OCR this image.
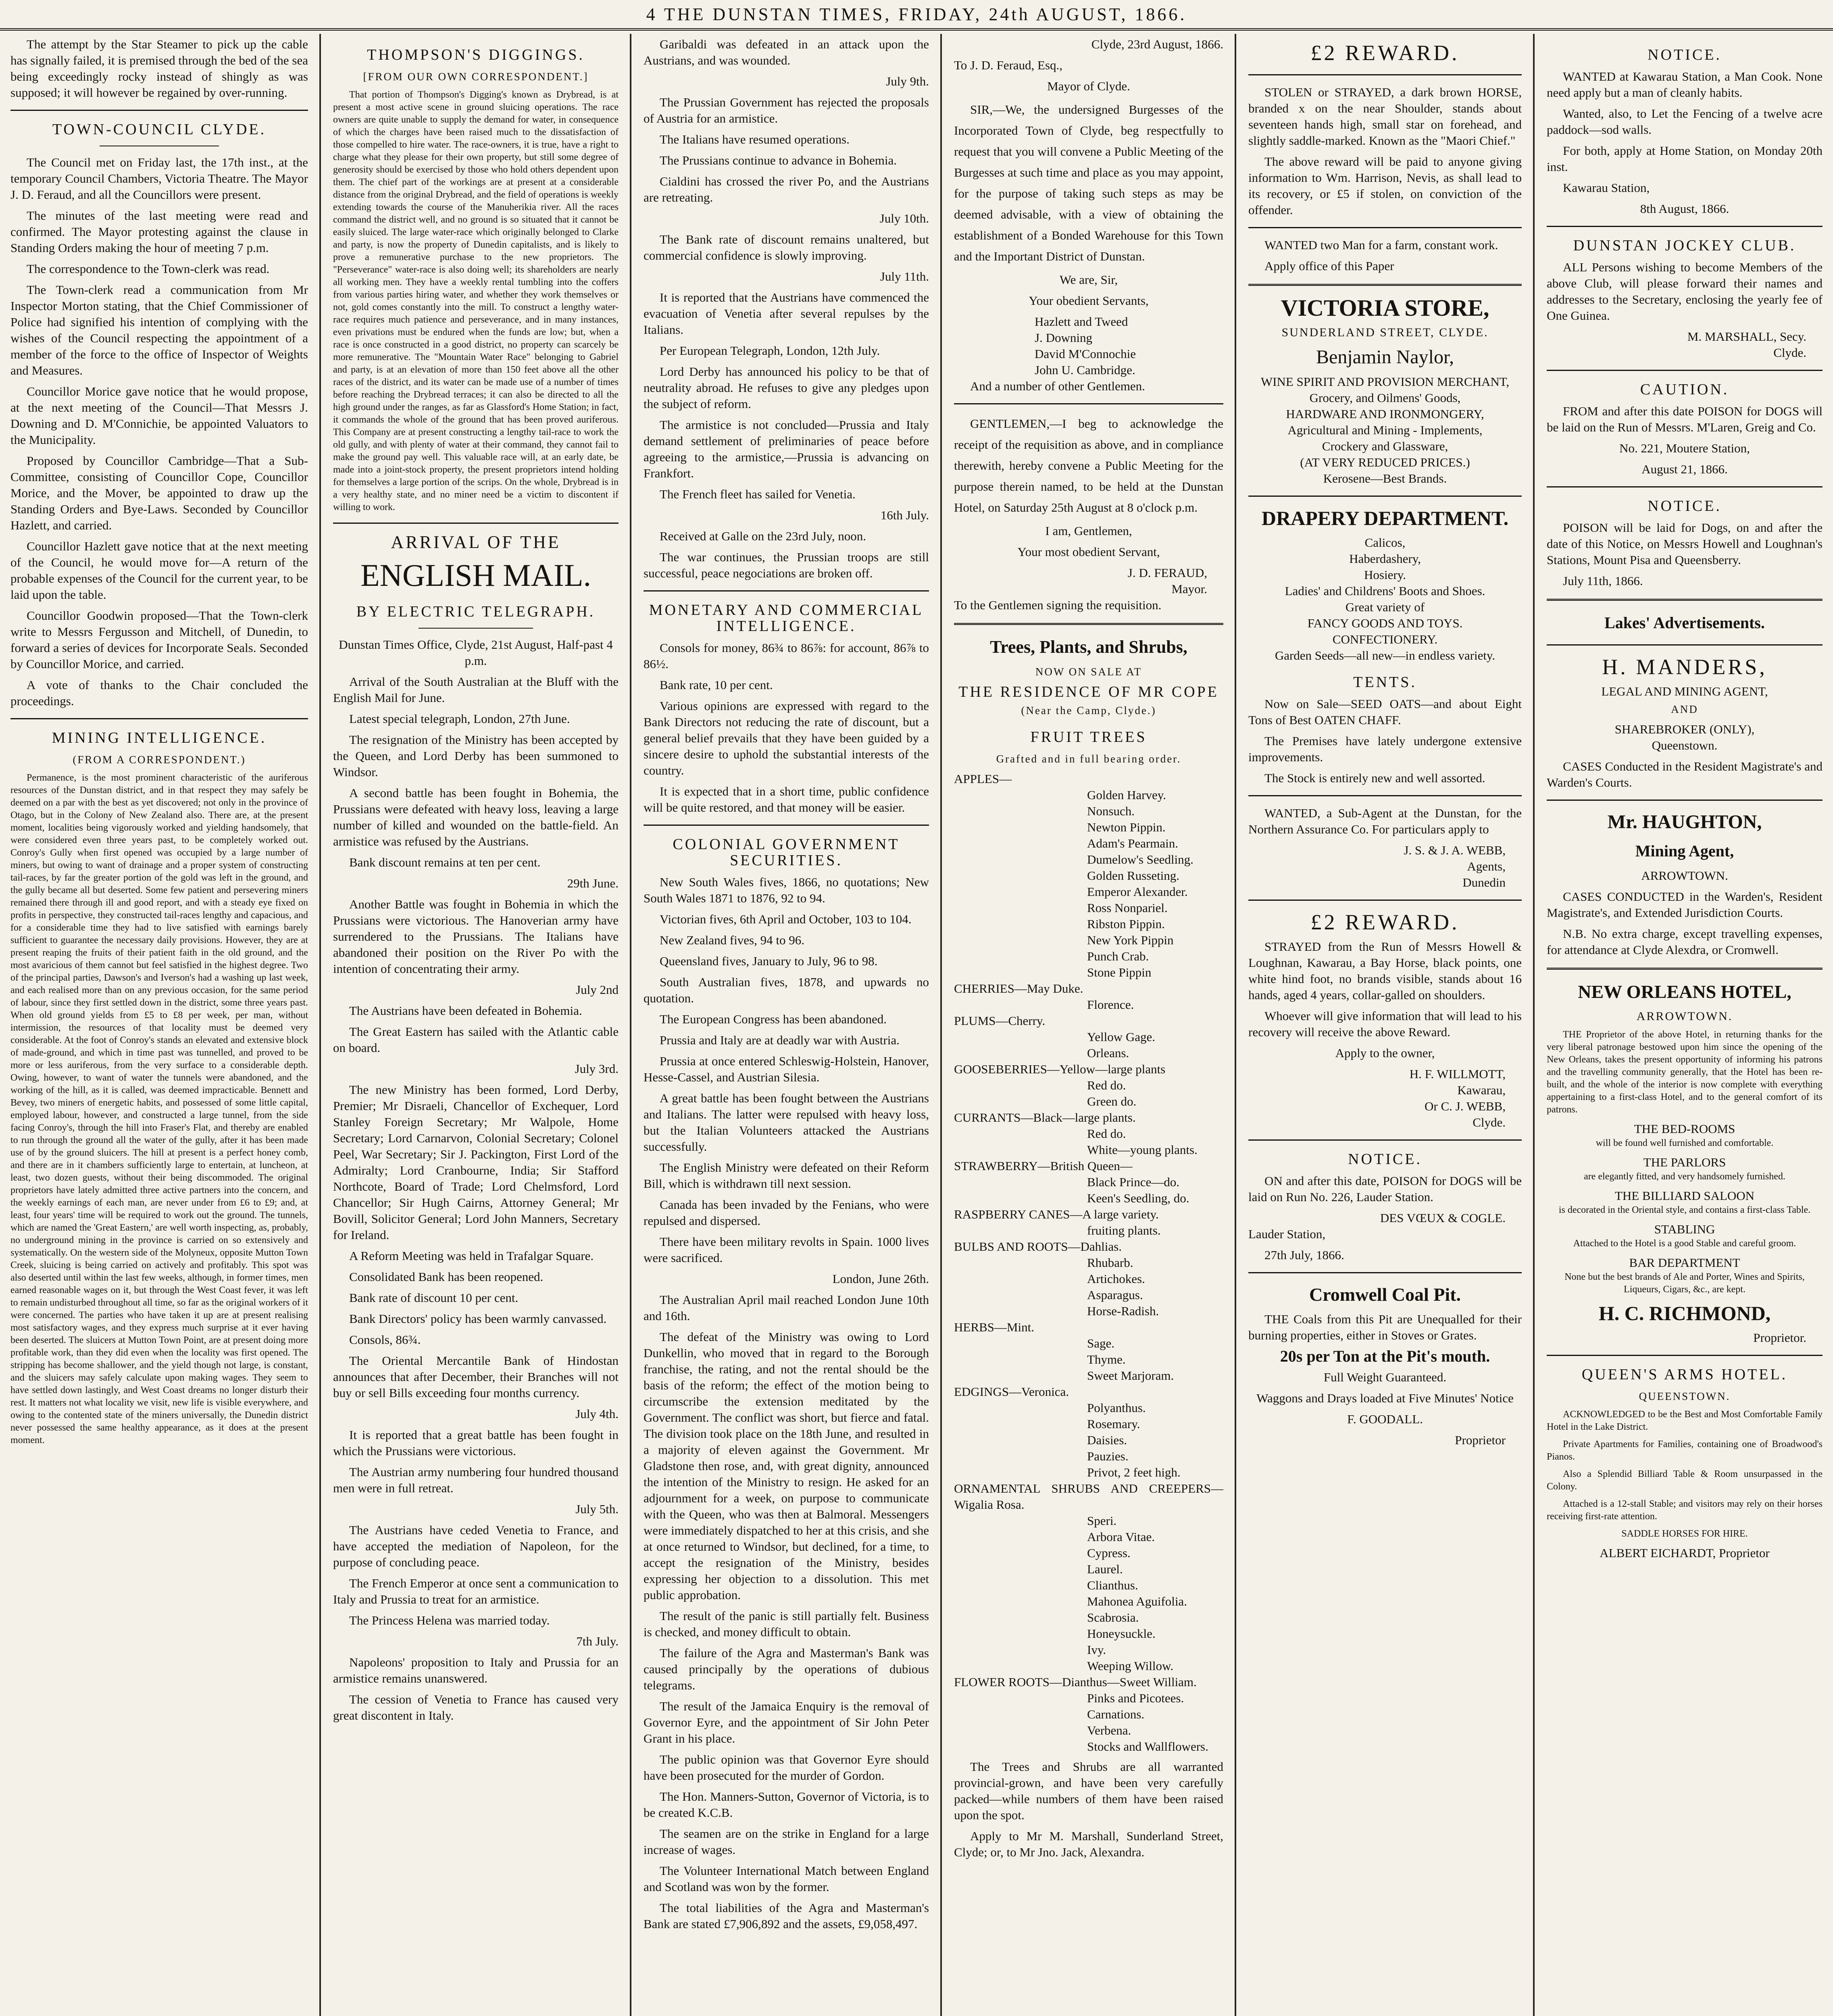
4 THE DUNSTAN TIMES, FRIDAY, 24th AUGUST, 1866.

The attempt by the Star Steamer to pick up the cable has signally failed, it is premised through the bed of the sea being exceedingly rocky instead of shingly as was supposed; it will however be regained by over-running.

TOWN-COUNCIL CLYDE.

The Council met on Friday last, the 17th inst., at the temporary Council Chambers, Victoria Theatre. The Mayor J. D. Feraud, and all the Councillors were present.

The minutes of the last meeting were read and confirmed. The Mayor protesting against the clause in Standing Orders making the hour of meeting 7 p.m.

The correspondence to the Town-clerk was read.

The Town-clerk read a communication from Mr Inspector Morton stating, that the Chief Commissioner of Police had signified his intention of complying with the wishes of the Council respecting the appointment of a member of the force to the office of Inspector of Weights and Measures.

Councillor Morice gave notice that he would propose, at the next meeting of the Council—That Messrs J. Downing and D. M'Connichie, be appointed Valuators to the Municipality.

Proposed by Councillor Cambridge—That a Sub-Committee, consisting of Councillor Cope, Councillor Morice, and the Mover, be appointed to draw up the Standing Orders and Bye-Laws. Seconded by Councillor Hazlett, and carried.

Councillor Hazlett gave notice that at the next meeting of the Council, he would move for—A return of the probable expenses of the Council for the current year, to be laid upon the table.

Councillor Goodwin proposed—That the Town-clerk write to Messrs Fergusson and Mitchell, of Dunedin, to forward a series of devices for Incorporate Seals. Seconded by Councillor Morice, and carried.

A vote of thanks to the Chair concluded the proceedings.

MINING INTELLIGENCE.
(FROM A CORRESPONDENT.)

Permanence, is the most prominent characteristic of the auriferous resources of the Dunstan district, and in that respect they may safely be deemed on a par with the best as yet discovered; not only in the province of Otago, but in the Colony of New Zealand also. There are, at the present moment, localities being vigorously worked and yielding handsomely, that were considered even three years past, to be completely worked out. Conroy's Gully when first opened was occupied by a large number of miners, but owing to want of drainage and a proper system of constructing tail-races, by far the greater portion of the gold was left in the ground, and the gully became all but deserted. Some few patient and persevering miners remained there through ill and good report, and with a steady eye fixed on profits in perspective, they constructed tail-races lengthy and capacious, and for a considerable time they had to live satisfied with earnings barely sufficient to guarantee the necessary daily provisions. However, they are at present reaping the fruits of their patient faith in the old ground, and the most avaricious of them cannot but feel satisfied in the highest degree. Two of the principal parties, Dawson's and Iverson's had a washing up last week, and each realised more than on any previous occasion, for the same period of labour, since they first settled down in the district, some three years past. When old ground yields from £5 to £8 per week, per man, without intermission, the resources of that locality must be deemed very considerable. At the foot of Conroy's stands an elevated and extensive block of made-ground, and which in time past was tunnelled, and proved to be more or less auriferous, from the very surface to a considerable depth. Owing, however, to want of water the tunnels were abandoned, and the working of the hill, as it is called, was deemed impracticable. Bennett and Bevey, two miners of energetic habits, and possessed of some little capital, employed labour, however, and constructed a large tunnel, from the side facing Conroy's, through the hill into Fraser's Flat, and thereby are enabled to run through the ground all the water of the gully, after it has been made use of by the ground sluicers. The hill at present is a perfect honey comb, and there are in it chambers sufficiently large to entertain, at luncheon, at least, two dozen guests, without their being discommoded. The original proprietors have lately admitted three active partners into the concern, and the weekly earnings of each man, are never under from £6 to £9; and, at least, four years' time will be required to work out the ground. The tunnels, which are named the 'Great Eastern,' are well worth inspecting, as, probably, no underground mining in the province is carried on so extensively and systematically. On the western side of the Molyneux, opposite Mutton Town Creek, sluicing is being carried on actively and profitably. This spot was also deserted until within the last few weeks, although, in former times, men earned reasonable wages on it, but through the West Coast fever, it was left to remain undisturbed throughout all time, so far as the original workers of it were concerned. The parties who have taken it up are at present realising most satisfactory wages, and they express much surprise at it ever having been deserted. The sluicers at Mutton Town Point, are at present doing more profitable work, than they did even when the locality was first opened. The stripping has become shallower, and the yield though not large, is constant, and the sluicers may safely calculate upon making wages. They seem to have settled down lastingly, and West Coast dreams no longer disturb their rest. It matters not what locality we visit, new life is visible everywhere, and owing to the contented state of the miners universally, the Dunedin district never possessed the same healthy appearance, as it does at the present moment.

THOMPSON'S DIGGINGS.
[FROM OUR OWN CORRESPONDENT.]

That portion of Thompson's Digging's known as Drybread, is at present a most active scene in ground sluicing operations. The race owners are quite unable to supply the demand for water, in consequence of which the charges have been raised much to the dissatisfaction of those compelled to hire water. The race-owners, it is true, have a right to charge what they please for their own property, but still some degree of generosity should be exercised by those who hold others dependent upon them. The chief part of the workings are at present at a considerable distance from the original Drybread, and the field of operations is weekly extending towards the course of the Manuherikia river. All the races command the district well, and no ground is so situated that it cannot be easily sluiced. The large water-race which originally belonged to Clarke and party, is now the property of Dunedin capitalists, and is likely to prove a remunerative purchase to the new proprietors. The "Perseverance" water-race is also doing well; its shareholders are nearly all working men. They have a weekly rental tumbling into the coffers from various parties hiring water, and whether they work themselves or not, gold comes constantly into the mill. To construct a lengthy water-race requires much patience and perseverance, and in many instances, even privations must be endured when the funds are low; but, when a race is once constructed in a good district, no property can scarcely be more remunerative. The "Mountain Water Race" belonging to Gabriel and party, is at an elevation of more than 150 feet above all the other races of the district, and its water can be made use of a number of times before reaching the Drybread terraces; it can also be directed to all the high ground under the ranges, as far as Glassford's Home Station; in fact, it commands the whole of the ground that has been proved auriferous. This Company are at present constructing a lengthy tail-race to work the old gully, and with plenty of water at their command, they cannot fail to make the ground pay well. This valuable race will, at an early date, be made into a joint-stock property, the present proprietors intend holding for themselves a large portion of the scrips. On the whole, Drybread is in a very healthy state, and no miner need be a victim to discontent if willing to work.

ARRIVAL OF THE
ENGLISH MAIL.
BY ELECTRIC TELEGRAPH.

Dunstan Times Office, Clyde, 21st August, Half-past 4 p.m.

Arrival of the South Australian at the Bluff with the English Mail for June.

Latest special telegraph, London, 27th June.

The resignation of the Ministry has been accepted by the Queen, and Lord Derby has been summoned to Windsor.

A second battle has been fought in Bohemia, the Prussians were defeated with heavy loss, leaving a large number of killed and wounded on the battle-field. An armistice was refused by the Austrians.

Bank discount remains at ten per cent.

29th June.

Another Battle was fought in Bohemia in which the Prussians were victorious. The Hanoverian army have surrendered to the Prussians. The Italians have abandoned their position on the River Po with the intention of concentrating their army.

July 2nd

The Austrians have been defeated in Bohemia.

The Great Eastern has sailed with the Atlantic cable on board.

July 3rd.

The new Ministry has been formed, Lord Derby, Premier; Mr Disraeli, Chancellor of Exchequer, Lord Stanley Foreign Secretary; Mr Walpole, Home Secretary; Lord Carnarvon, Colonial Secretary; Colonel Peel, War Secretary; Sir J. Packington, First Lord of the Admiralty; Lord Cranbourne, India; Sir Stafford Northcote, Board of Trade; Lord Chelmsford, Lord Chancellor; Sir Hugh Cairns, Attorney General; Mr Bovill, Solicitor General; Lord John Manners, Secretary for Ireland.

A Reform Meeting was held in Trafalgar Square.

Consolidated Bank has been reopened.

Bank rate of discount 10 per cent.

Bank Directors' policy has been warmly canvassed.

Consols, 86¾.

The Oriental Mercantile Bank of Hindostan announces that after December, their Branches will not buy or sell Bills exceeding four months currency.

July 4th.

It is reported that a great battle has been fought in which the Prussians were victorious.

The Austrian army numbering four hundred thousand men were in full retreat.

July 5th.

The Austrians have ceded Venetia to France, and have accepted the mediation of Napoleon, for the purpose of concluding peace.

The French Emperor at once sent a communication to Italy and Prussia to treat for an armistice.

The Princess Helena was married today.

7th July.

Napoleons' proposition to Italy and Prussia for an armistice remains unanswered.

The cession of Venetia to France has caused very great discontent in Italy.

Garibaldi was defeated in an attack upon the Austrians, and was wounded.

July 9th.

The Prussian Government has rejected the proposals of Austria for an armistice.

The Italians have resumed operations.

The Prussians continue to advance in Bohemia.

Cialdini has crossed the river Po, and the Austrians are retreating.

July 10th.

The Bank rate of discount remains unaltered, but commercial confidence is slowly improving.

July 11th.

It is reported that the Austrians have commenced the evacuation of Venetia after several repulses by the Italians.

Per European Telegraph, London, 12th July.

Lord Derby has announced his policy to be that of neutrality abroad. He refuses to give any pledges upon the subject of reform.

The armistice is not concluded—Prussia and Italy demand settlement of preliminaries of peace before agreeing to the armistice,—Prussia is advancing on Frankfort.

The French fleet has sailed for Venetia.

16th July.

Received at Galle on the 23rd July, noon.

The war continues, the Prussian troops are still successful, peace negociations are broken off.

MONETARY AND COMMERCIAL INTELLIGENCE.

Consols for money, 86¾ to 86⅞: for account, 86⅞ to 86½.

Bank rate, 10 per cent.

Various opinions are expressed with regard to the Bank Directors not reducing the rate of discount, but a general belief prevails that they have been guided by a sincere desire to uphold the substantial interests of the country.

It is expected that in a short time, public confidence will be quite restored, and that money will be easier.

COLONIAL GOVERNMENT SECURITIES.

New South Wales fives, 1866, no quotations; New South Wales 1871 to 1876, 92 to 94.

Victorian fives, 6th April and October, 103 to 104.

New Zealand fives, 94 to 96.

Queensland fives, January to July, 96 to 98.

South Australian fives, 1878, and upwards no quotation.

The European Congress has been abandoned.

Prussia and Italy are at deadly war with Austria.

Prussia at once entered Schleswig-Holstein, Hanover, Hesse-Cassel, and Austrian Silesia.

A great battle has been fought between the Austrians and Italians. The latter were repulsed with heavy loss, but the Italian Volunteers attacked the Austrians successfully.

The English Ministry were defeated on their Reform Bill, which is withdrawn till next session.

Canada has been invaded by the Fenians, who were repulsed and dispersed.

There have been military revolts in Spain. 1000 lives were sacrificed.

London, June 26th.

The Australian April mail reached London June 10th and 16th.

The defeat of the Ministry was owing to Lord Dunkellin, who moved that in regard to the Borough franchise, the rating, and not the rental should be the basis of the reform; the effect of the motion being to circumscribe the extension meditated by the Government. The conflict was short, but fierce and fatal. The division took place on the 18th June, and resulted in a majority of eleven against the Government. Mr Gladstone then rose, and, with great dignity, announced the intention of the Ministry to resign. He asked for an adjournment for a week, on purpose to communicate with the Queen, who was then at Balmoral. Messengers were immediately dispatched to her at this crisis, and she at once returned to Windsor, but declined, for a time, to accept the resignation of the Ministry, besides expressing her objection to a dissolution. This met public approbation.

The result of the panic is still partially felt. Business is checked, and money difficult to obtain.

The failure of the Agra and Masterman's Bank was caused principally by the operations of dubious telegrams.

The result of the Jamaica Enquiry is the removal of Governor Eyre, and the appointment of Sir John Peter Grant in his place.

The public opinion was that Governor Eyre should have been prosecuted for the murder of Gordon.

The Hon. Manners-Sutton, Governor of Victoria, is to be created K.C.B.

The seamen are on the strike in England for a large increase of wages.

The Volunteer International Match between England and Scotland was won by the former.

The total liabilities of the Agra and Masterman's Bank are stated £7,906,892 and the assets, £9,058,497.

Clyde, 23rd August, 1866.

To J. D. Feraud, Esq.,

Mayor of Clyde.

SIR,—We, the undersigned Burgesses of the Incorporated Town of Clyde, beg respectfully to request that you will convene a Public Meeting of the Burgesses at such time and place as you may appoint, for the purpose of taking such steps as may be deemed advisable, with a view of obtaining the establishment of a Bonded Warehouse for this Town and the Important District of Dunstan.

We are, Sir,

Your obedient Servants,

Hazlett and Tweed
J. Downing
David M'Connochie
John U. Cambridge.

And a number of other Gentlemen.

GENTLEMEN,—I beg to acknowledge the receipt of the requisition as above, and in compliance therewith, hereby convene a Public Meeting for the purpose therein named, to be held at the Dunstan Hotel, on Saturday 25th August at 8 o'clock p.m.

I am, Gentlemen,

Your most obedient Servant,

J. D. FERAUD,

Mayor.

To the Gentlemen signing the requisition.

Trees, Plants, and Shrubs,
NOW ON SALE AT
THE RESIDENCE OF MR COPE
(Near the Camp, Clyde.)
FRUIT TREES
Grafted and in full bearing order.
APPLES—
Golden Harvey.
Nonsuch.
Newton Pippin.
Adam's Pearmain.
Dumelow's Seedling.
Golden Russeting.
Emperor Alexander.
Ross Nonpariel.
Ribston Pippin.
New York Pippin
Punch Crab.
Stone Pippin
CHERRIES—May Duke.
Florence.
PLUMS—Cherry.
Yellow Gage.
Orleans.
GOOSEBERRIES—Yellow—large plants
Red do.
Green do.
CURRANTS—Black—large plants.
Red do.
White—young plants.
STRAWBERRY—British Queen—
Black Prince—do.
Keen's Seedling, do.
RASPBERRY CANES—A large variety.
fruiting plants.
BULBS AND ROOTS—Dahlias.
Rhubarb.
Artichokes.
Asparagus.
Horse-Radish.
HERBS—Mint.
Sage.
Thyme.
Sweet Marjoram.
EDGINGS—Veronica.
Polyanthus.
Rosemary.
Daisies.
Pauzies.
Privot, 2 feet high.
ORNAMENTAL SHRUBS AND CREEPERS—Wigalia Rosa.
Speri.
Arbora Vitae.
Cypress.
Laurel.
Clianthus.
Mahonea Aguifolia.
Scabrosia.
Honeysuckle.
Ivy.
Weeping Willow.
FLOWER ROOTS—Dianthus—Sweet William.
Pinks and Picotees.
Carnations.
Verbena.
Stocks and Wallflowers.

The Trees and Shrubs are all warranted provincial-grown, and have been very carefully packed—while numbers of them have been raised upon the spot.

Apply to Mr M. Marshall, Sunderland Street, Clyde; or, to Mr Jno. Jack, Alexandra.

£2 REWARD.

STOLEN or STRAYED, a dark brown HORSE, branded x on the near Shoulder, stands about seventeen hands high, small star on forehead, and slightly saddle-marked. Known as the "Maori Chief."

The above reward will be paid to anyone giving information to Wm. Harrison, Nevis, as shall lead to its recovery, or £5 if stolen, on conviction of the offender.

WANTED two Man for a farm, constant work.

Apply office of this Paper

VICTORIA STORE,
SUNDERLAND STREET, CLYDE.
Benjamin Naylor,
WINE SPIRIT AND PROVISION MERCHANT,
Grocery, and Oilmens' Goods,
HARDWARE AND IRONMONGERY,
Agricultural and Mining - Implements,
Crockery and Glassware,
(AT VERY REDUCED PRICES.)
Kerosene—Best Brands.
DRAPERY DEPARTMENT.
Calicos,
Haberdashery,
Hosiery.
Ladies' and Childrens' Boots and Shoes.
Great variety of
FANCY GOODS AND TOYS.
CONFECTIONERY.
Garden Seeds—all new—in endless variety.
TENTS.

Now on Sale—SEED OATS—and about Eight Tons of Best OATEN CHAFF.

The Premises have lately undergone extensive improvements.

The Stock is entirely new and well assorted.

WANTED, a Sub-Agent at the Dunstan, for the Northern Assurance Co. For particulars apply to

J. S. & J. A. WEBB,

Agents,

Dunedin

£2 REWARD.

STRAYED from the Run of Messrs Howell & Loughnan, Kawarau, a Bay Horse, black points, one white hind foot, no brands visible, stands about 16 hands, aged 4 years, collar-galled on shoulders.

Whoever will give information that will lead to his recovery will receive the above Reward.

Apply to the owner,

H. F. WILLMOTT,

Kawarau,

Or C. J. WEBB,

Clyde.

NOTICE.

ON and after this date, POISON for DOGS will be laid on Run No. 226, Lauder Station.

DES VŒUX & COGLE.

Lauder Station,

27th July, 1866.

Cromwell Coal Pit.

THE Coals from this Pit are Unequalled for their burning properties, either in Stoves or Grates.

20s per Ton at the Pit's mouth.

Full Weight Guaranteed.

Waggons and Drays loaded at Five Minutes' Notice

F. GOODALL.

Proprietor

NOTICE.

WANTED at Kawarau Station, a Man Cook. None need apply but a man of cleanly habits.

Wanted, also, to Let the Fencing of a twelve acre paddock—sod walls.

For both, apply at Home Station, on Monday 20th inst.

Kawarau Station,

8th August, 1866.

DUNSTAN JOCKEY CLUB.

ALL Persons wishing to become Members of the above Club, will please forward their names and addresses to the Secretary, enclosing the yearly fee of One Guinea.

M. MARSHALL, Secy.

Clyde.

CAUTION.

FROM and after this date POISON for DOGS will be laid on the Run of Messrs. M'Laren, Greig and Co.

No. 221, Moutere Station,

August 21, 1866.

NOTICE.

POISON will be laid for Dogs, on and after the date of this Notice, on Messrs Howell and Loughnan's Stations, Mount Pisa and Queensberry.

July 11th, 1866.

Lakes' Advertisements.
H. MANDERS,
LEGAL AND MINING AGENT,
AND
SHAREBROKER (ONLY),

Queenstown.

CASES Conducted in the Resident Magistrate's and Warden's Courts.

Mr. HAUGHTON,
Mining Agent,

ARROWTOWN.

CASES CONDUCTED in the Warden's, Resident Magistrate's, and Extended Jurisdiction Courts.

N.B. No extra charge, except travelling expenses, for attendance at Clyde Alexdra, or Cromwell.

NEW ORLEANS HOTEL,
ARROWTOWN.

THE Proprietor of the above Hotel, in returning thanks for the very liberal patronage bestowed upon him since the opening of the New Orleans, takes the present opportunity of informing his patrons and the travelling community generally, that the Hotel has been re-built, and the whole of the interior is now complete with everything appertaining to a first-class Hotel, and to the general comfort of its patrons.

THE BED-ROOMS

will be found well furnished and comfortable.

THE PARLORS

are elegantly fitted, and very handsomely furnished.

THE BILLIARD SALOON

is decorated in the Oriental style, and contains a first-class Table.

STABLING

Attached to the Hotel is a good Stable and careful groom.

BAR DEPARTMENT

None but the best brands of Ale and Porter, Wines and Spirits, Liqueurs, Cigars, &c., are kept.

H. C. RICHMOND,

Proprietor.

QUEEN'S ARMS HOTEL.
QUEENSTOWN.

ACKNOWLEDGED to be the Best and Most Comfortable Family Hotel in the Lake District.

Private Apartments for Families, containing one of Broadwood's Pianos.

Also a Splendid Billiard Table & Room unsurpassed in the Colony.

Attached is a 12-stall Stable; and visitors may rely on their horses receiving first-rate attention.

SADDLE HORSES FOR HIRE.

ALBERT EICHARDT, Proprietor
